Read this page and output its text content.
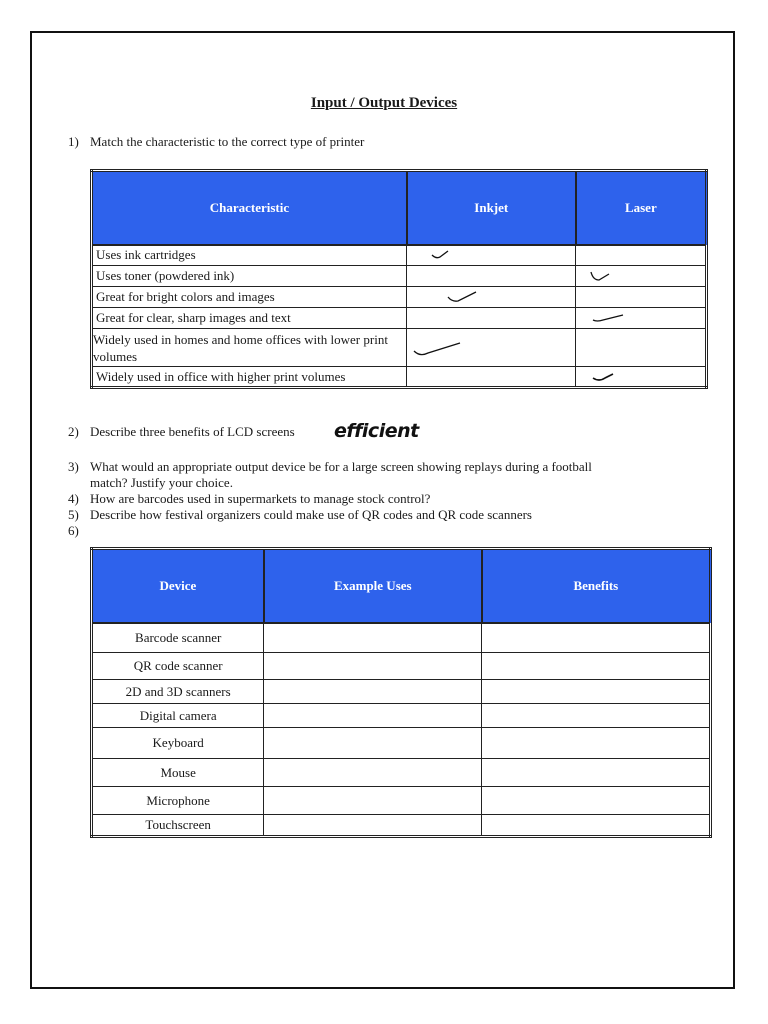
Input / Output Devices
1) Match the characteristic to the correct type of printer
Characteristic	Inkjet	Laser
Uses ink cartridges	

Uses toner (powdered ink)		

Great for bright colors and images	

Great for clear, sharp images and text		

Widely used in homes and home offices with lower print volumes	

Widely used in office with higher print volumes		
2) Describe three benefits of LCD screens	efficient
3) What would an appropriate output device be for a large screen showing replays during a football
match? Justify your choice.
4) How are barcodes used in supermarkets to manage stock control?
5) Describe how festival organizers could make use of QR codes and QR code scanners
6)
Device	Example Uses	Benefits
Barcode scanner		
QR code scanner		
2D and 3D scanners		
Digital camera		
Keyboard		
Mouse		
Microphone		
Touchscreen		
